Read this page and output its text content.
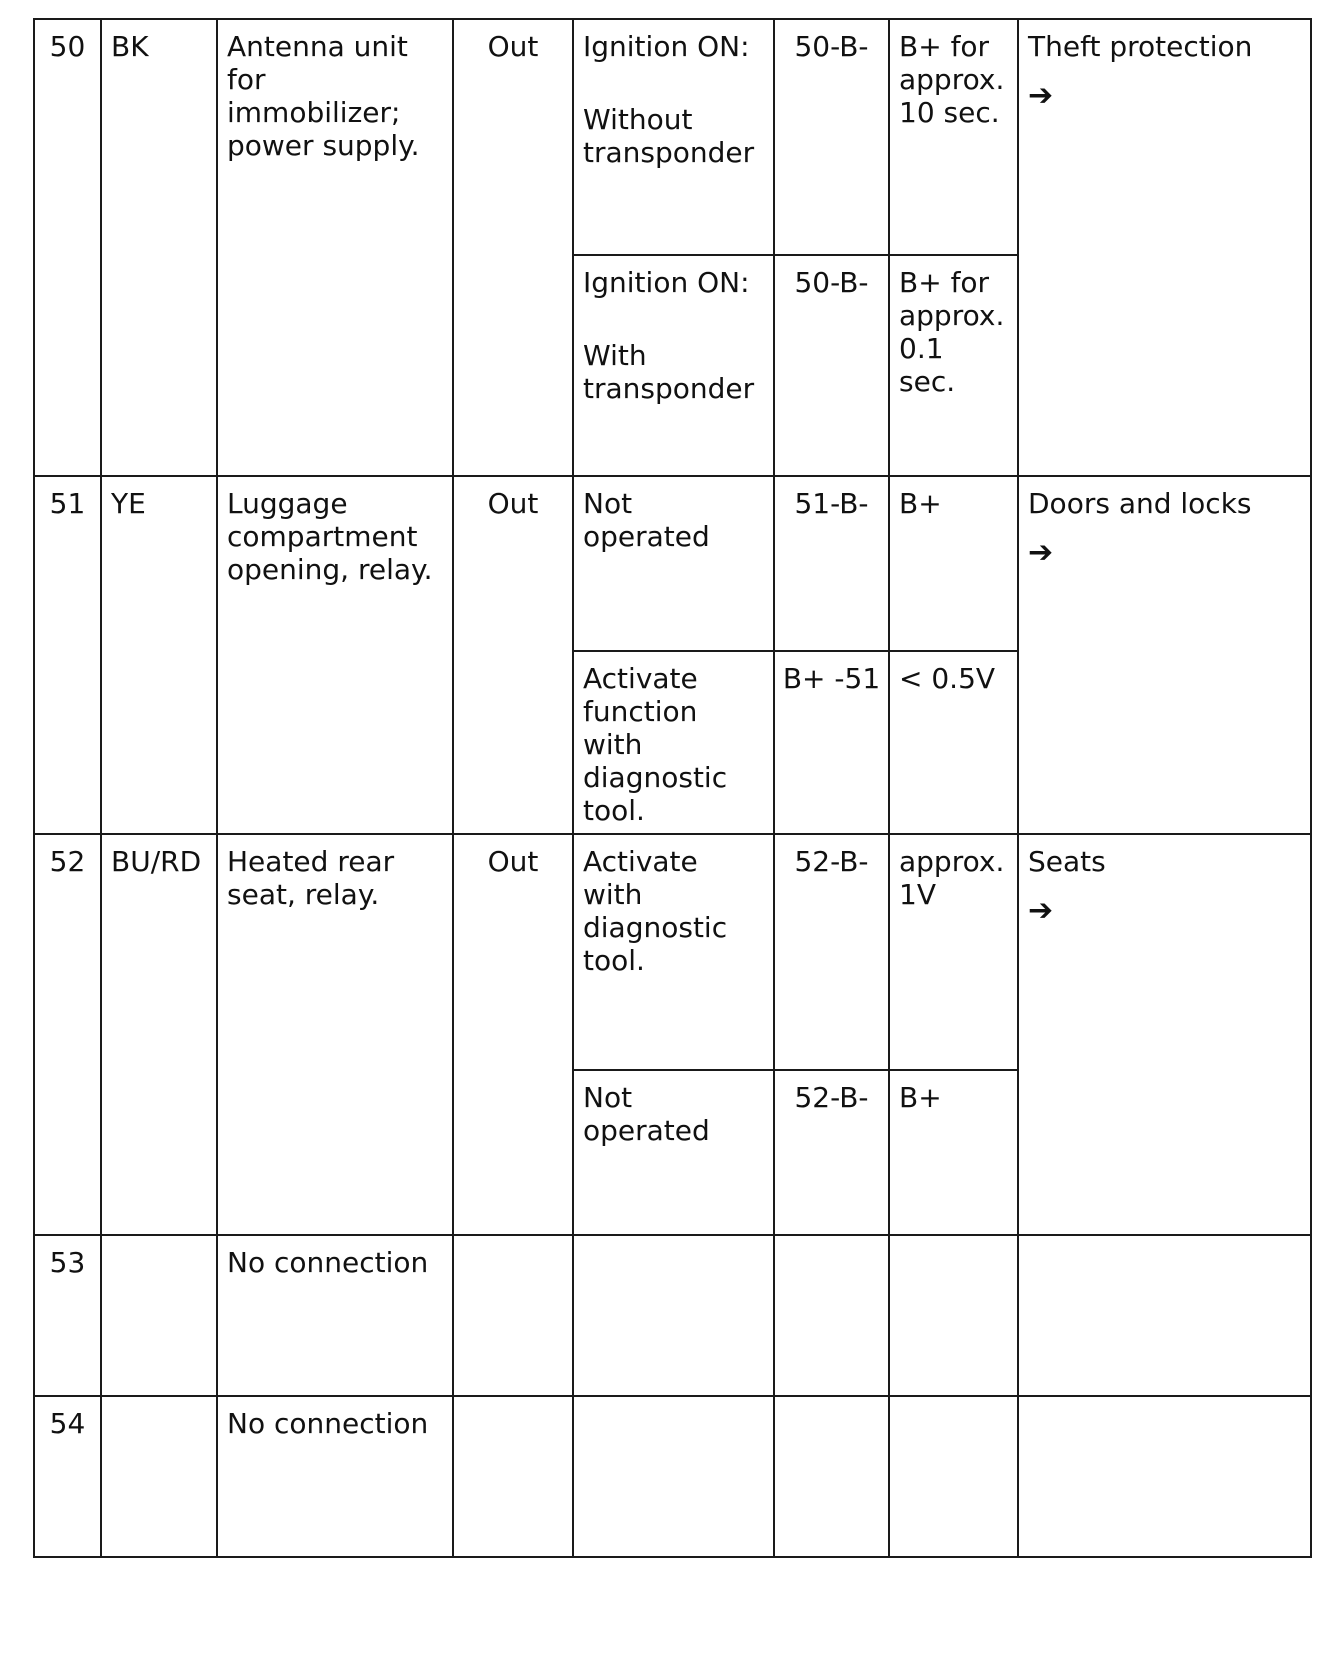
50	BK	Antenna unit for immobilizer; power supply.	Out	Ignition ON:
Without transponder	50-B-	B+ for approx. 10 sec.	Theft protection
➔

				Ignition ON:
With transponder	50-B-	B+ for approx. 0.1 sec.	
51	YE	Luggage compartment opening, relay.	Out	Not operated	51-B-	B+	Doors and locks
➔

				Activate function with diagnostic tool.	B+ -51	< 0.5V	
52	BU/RD	Heated rear seat, relay.	Out	Activate with diagnostic tool.	52-B-	approx. 1V	Seats
➔

				Not operated	52-B-	B+	
53		No connection					
54		No connection					
